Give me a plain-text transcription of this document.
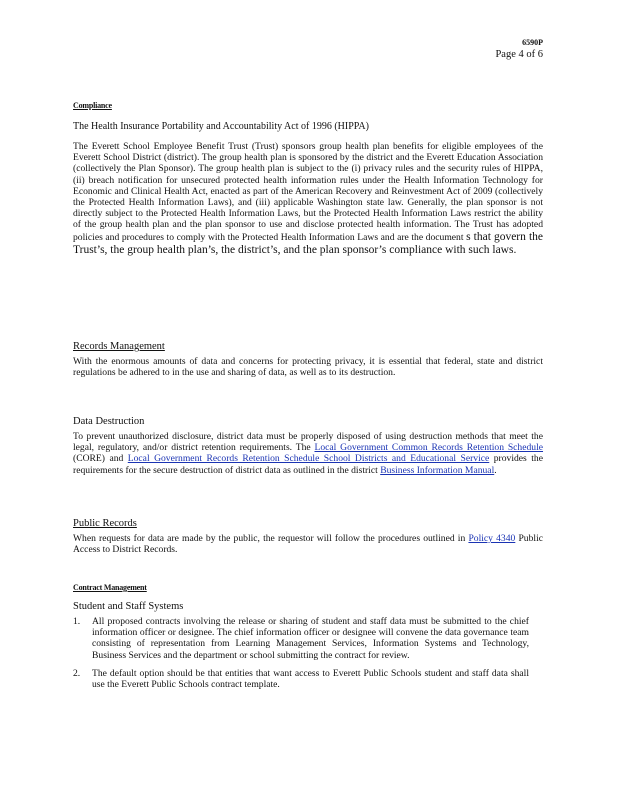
6590P
Page 4 of 6
Compliance

The Health Insurance Portability and Accountability Act of 1996 (HIPPA)

The Everett School Employee Benefit Trust (Trust) sponsors group health plan benefits for eligible employees of the Everett School District (district). The group health plan is sponsored by the district and the Everett Education Association (collectively the Plan Sponsor). The group health plan is subject to the (i) privacy rules and the security rules of HIPPA, (ii) breach notification for unsecured protected health information rules under the Health Information Technology for Economic and Clinical Health Act, enacted as part of the American Recovery and Reinvestment Act of 2009 (collectively the Protected Health Information Laws), and (iii) applicable Washington state law. Generally, the plan sponsor is not directly subject to the Protected Health Information Laws, but the Protected Health Information Laws restrict the ability of the group health plan and the plan sponsor to use and disclose protected health information. The Trust has adopted policies and procedures to comply with the Protected Health Information Laws and are the document s that govern the Trust’s, the group health plan’s, the district’s, and the plan sponsor’s compliance with such laws.

Records Management

With the enormous amounts of data and concerns for protecting privacy, it is essential that federal, state and district regulations be adhered to in the use and sharing of data, as well as to its destruction.

Data Destruction

To prevent unauthorized disclosure, district data must be properly disposed of using destruction methods that meet the legal, regulatory, and/or district retention requirements. The Local Government Common Records Retention Schedule (CORE) and Local Government Records Retention Schedule School Districts and Educational Service provides the requirements for the secure destruction of district data as outlined in the district Business Information Manual.

Public Records

When requests for data are made by the public, the requestor will follow the procedures outlined in Policy 4340 Public Access to District Records.

Contract Management
Student and Staff Systems
1. All proposed contracts involving the release or sharing of student and staff data must be submitted to the chief information officer or designee. The chief information officer or designee will convene the data governance team consisting of representation from Learning Management Services, Information Systems and Technology, Business Services and the department or school submitting the contract for review.
2. The default option should be that entities that want access to Everett Public Schools student and staff data shall use the Everett Public Schools contract template.
